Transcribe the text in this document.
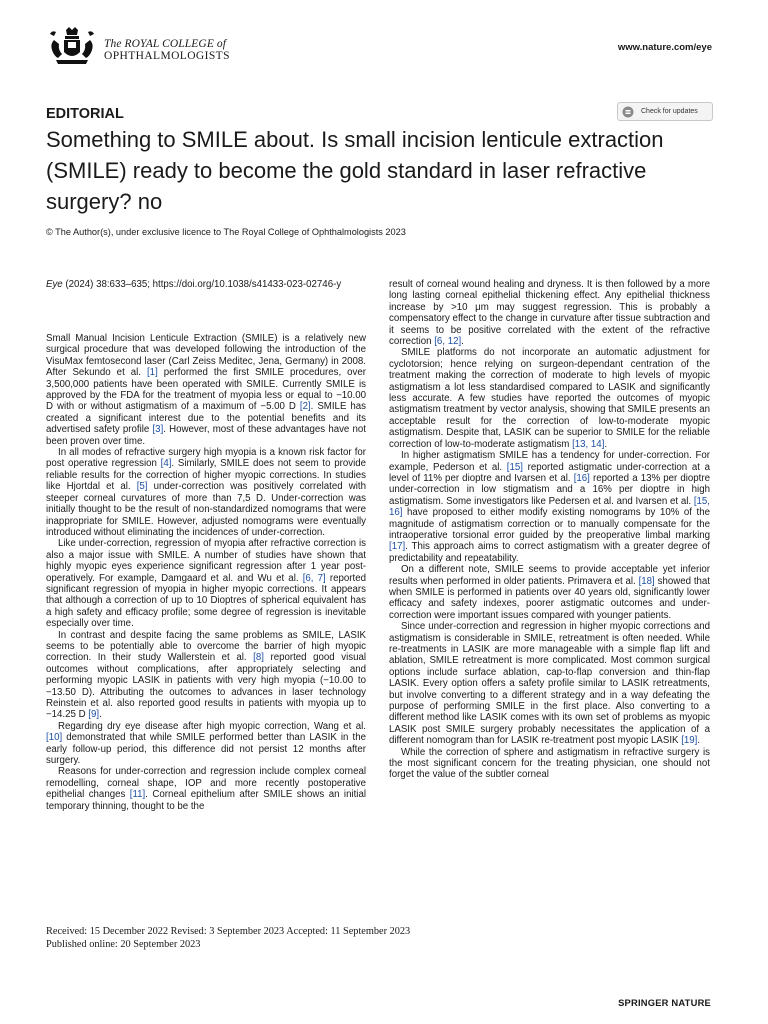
The ROYAL COLLEGE of
OPHTHALMOLOGISTS
www.nature.com/eye
EDITORIAL	Check for updates
Something to SMILE about. Is small incision lenticule extraction (SMILE) ready to become the gold standard in laser refractive surgery? no
© The Author(s), under exclusive licence to The Royal College of Ophthalmologists 2023
Eye (2024) 38:633–635; https://doi.org/10.1038/s41433-023-02746-y

Small Manual Incision Lenticule Extraction (SMILE) is a relatively new surgical procedure that was developed following the introduction of the VisuMax femtosecond laser (Carl Zeiss Meditec, Jena, Germany) in 2008. After Sekundo et al. [1] performed the first SMILE procedures, over 3,500,000 patients have been operated with SMILE. Currently SMILE is approved by the FDA for the treatment of myopia less or equal to −10.00 D with or without astigmatism of a maximum of −5.00 D [2]. SMILE has created a significant interest due to the potential benefits and its advertised safety profile [3]. However, most of these advantages have not been proven over time.

In all modes of refractive surgery high myopia is a known risk factor for post operative regression [4]. Similarly, SMILE does not seem to provide reliable results for the correction of higher myopic corrections. In studies like Hjortdal et al. [5] under-correction was positively correlated with steeper corneal curvatures of more than 7,5 D. Under-correction was initially thought to be the result of non-standardized nomograms that were inappropriate for SMILE. However, adjusted nomograms were eventually introduced without eliminating the incidences of under-correction.

Like under-correction, regression of myopia after refractive correction is also a major issue with SMILE. A number of studies have shown that highly myopic eyes experience significant regression after 1 year post-operatively. For example, Damgaard et al. and Wu et al. [6, 7] reported significant regression of myopia in higher myopic corrections. It appears that although a correction of up to 10 Dioptres of spherical equivalent has a high safety and efficacy profile; some degree of regression is inevitable especially over time.

In contrast and despite facing the same problems as SMILE, LASIK seems to be potentially able to overcome the barrier of high myopic correction. In their study Wallerstein et al. [8] reported good visual outcomes without complications, after appropriately selecting and performing myopic LASIK in patients with very high myopia (−10.00 to −13.50 D). Attributing the outcomes to advances in laser technology Reinstein et al. also reported good results in patients with myopia up to −14.25 D [9].

Regarding dry eye disease after high myopic correction, Wang et al. [10] demonstrated that while SMILE performed better than LASIK in the early follow-up period, this difference did not persist 12 months after surgery.

Reasons for under-correction and regression include complex corneal remodelling, corneal shape, IOP and more recently postoperative epithelial changes [11]. Corneal epithelium after SMILE shows an initial temporary thinning, thought to be the

result of corneal wound healing and dryness. It is then followed by a more long lasting corneal epithelial thickening effect. Any epithelial thickness increase by >10 μm may suggest regression. This is probably a compensatory effect to the change in curvature after tissue subtraction and it seems to be positive correlated with the extent of the refractive correction [6, 12].

SMILE platforms do not incorporate an automatic adjustment for cyclotorsion; hence relying on surgeon-dependant centration of the treatment making the correction of moderate to high levels of myopic astigmatism a lot less standardised compared to LASIK and significantly less accurate. A few studies have reported the outcomes of myopic astigmatism treatment by vector analysis, showing that SMILE presents an acceptable result for the correction of low-to-moderate myopic astigmatism. Despite that, LASIK can be superior to SMILE for the reliable correction of low-to-moderate astigmatism [13, 14].

In higher astigmatism SMILE has a tendency for under-correction. For example, Pederson et al. [15] reported astigmatic under-correction at a level of 11% per dioptre and Ivarsen et al. [16] reported a 13% per dioptre under-correction in low stigmatism and a 16% per dioptre in high astigmatism. Some investigators like Pedersen et al. and Ivarsen et al. [15, 16] have proposed to either modify existing nomograms by 10% of the magnitude of astigmatism correction or to manually compensate for the intraoperative torsional error guided by the preoperative limbal marking [17]. This approach aims to correct astigmatism with a greater degree of predictability and repeatability.

On a different note, SMILE seems to provide acceptable yet inferior results when performed in older patients. Primavera et al. [18] showed that when SMILE is performed in patients over 40 years old, significantly lower efficacy and safety indexes, poorer astigmatic outcomes and under-correction were important issues compared with younger patients.

Since under-correction and regression in higher myopic corrections and astigmatism is considerable in SMILE, retreatment is often needed. While re-treatments in LASIK are more manageable with a simple flap lift and ablation, SMILE retreatment is more complicated. Most common surgical options include surface ablation, cap-to-flap conversion and thin-flap LASIK. Every option offers a safety profile similar to LASIK retreatments, but involve converting to a different strategy and in a way defeating the purpose of performing SMILE in the first place. Also converting to a different method like LASIK comes with its own set of problems as myopic LASIK post SMILE surgery probably necessitates the application of a different nomogram than for LASIK re-treatment post myopic LASIK [19].

While the correction of sphere and astigmatism in refractive surgery is the most significant concern for the treating physician, one should not forget the value of the subtler corneal

Received: 15 December 2022 Revised: 3 September 2023 Accepted: 11 September 2023
Published online: 20 September 2023
SPRINGER NATURE
